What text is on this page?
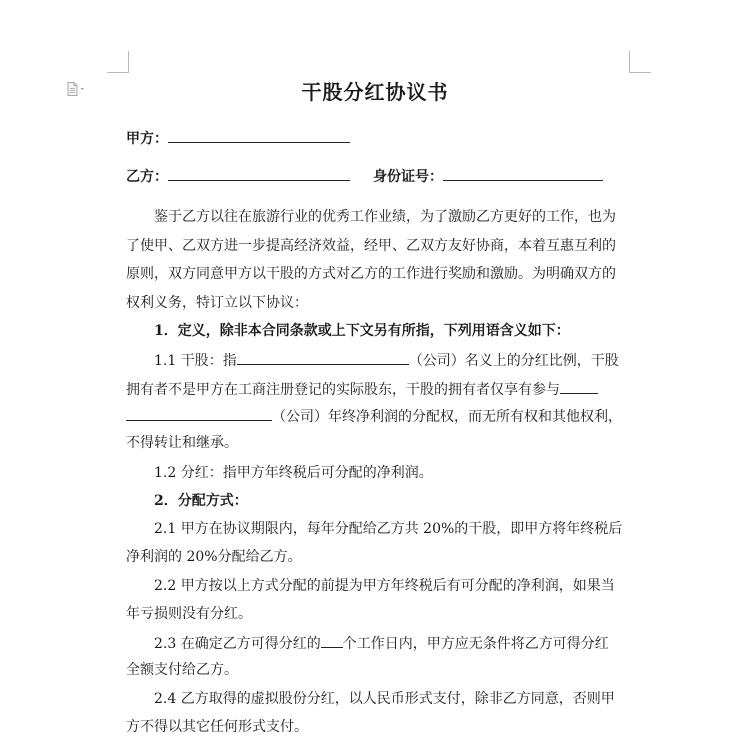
干股分红协议书
甲方：
乙方：	身份证号：
鉴于乙方以往在旅游行业的优秀工作业绩，为了激励乙方更好的工作，也为
了使甲、乙双方进一步提高经济效益，经甲、乙双方友好协商，本着互惠互利的
原则，双方同意甲方以干股的方式对乙方的工作进行奖励和激励。为明确双方的
权利义务，特订立以下协议：
1．定义，除非本合同条款或上下文另有所指，下列用语含义如下：
1.1 干股：指	（公司）名义上的分红比例，干股
拥有者不是甲方在工商注册登记的实际股东，干股的拥有者仅享有参与
（公司）年终净利润的分配权，而无所有权和其他权利，
不得转让和继承。
1.2 分红：指甲方年终税后可分配的净利润。
2．分配方式：
2.1 甲方在协议期限内，每年分配给乙方共 20%的干股，即甲方将年终税后
净利润的 20%分配给乙方。
2.2 甲方按以上方式分配的前提为甲方年终税后有可分配的净利润，如果当
年亏损则没有分红。
2.3 在确定乙方可得分红的 个工作日内，甲方应无条件将乙方可得分红
全额支付给乙方。
2.4 乙方取得的虚拟股份分红，以人民币形式支付，除非乙方同意，否则甲
方不得以其它任何形式支付。
